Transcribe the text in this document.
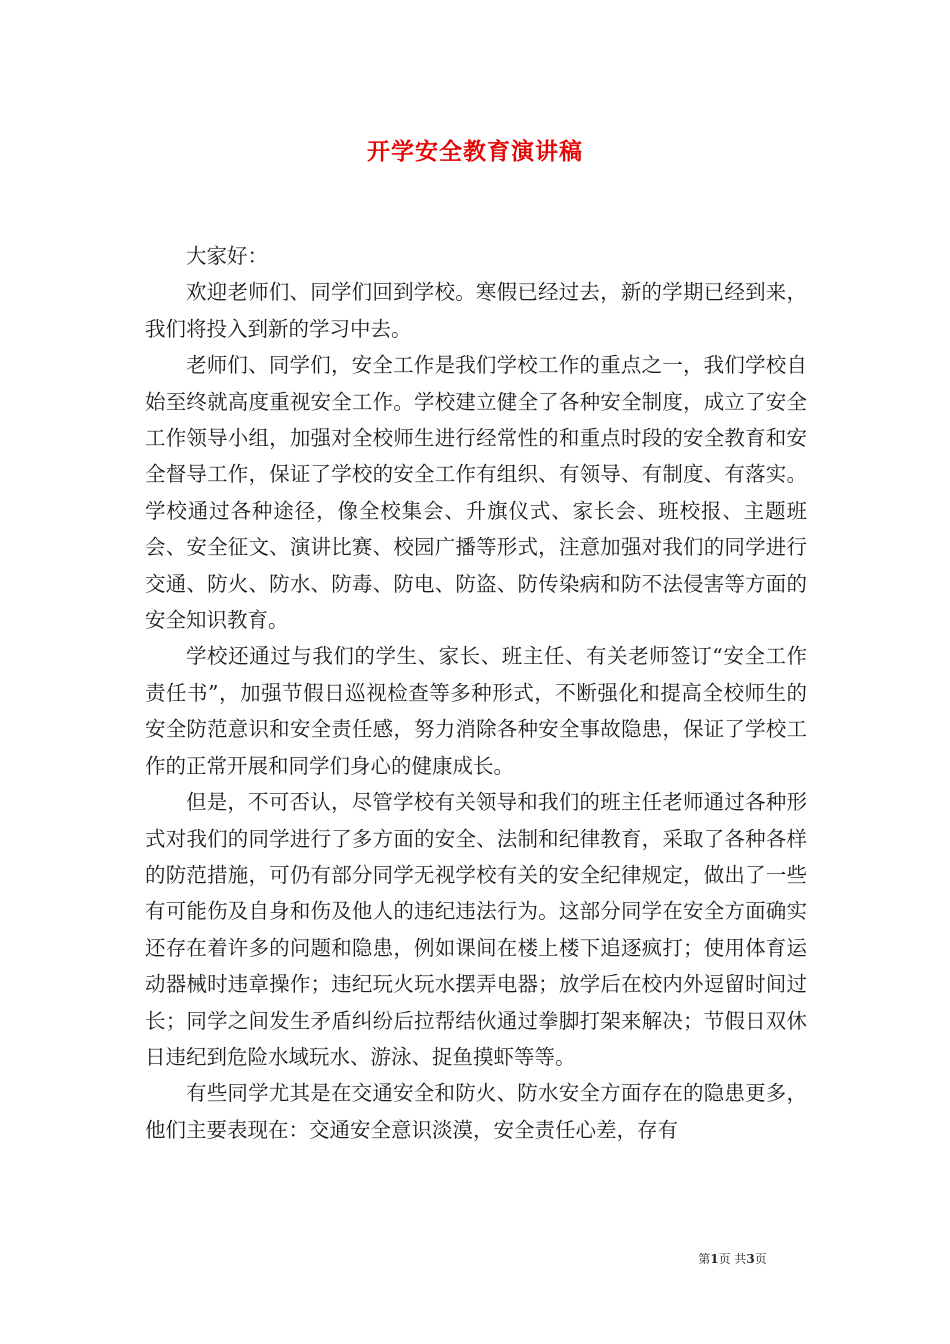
开学安全教育演讲稿

大家好：

欢迎老师们、同学们回到学校。寒假已经过去，新的学期已经到来，我们将投入到新的学习中去。

老师们、同学们，安全工作是我们学校工作的重点之一，我们学校自始至终就高度重视安全工作。学校建立健全了各种安全制度，成立了安全工作领导小组，加强对全校师生进行经常性的和重点时段的安全教育和安全督导工作，保证了学校的安全工作有组织、有领导、有制度、有落实。学校通过各种途径，像全校集会、升旗仪式、家长会、班校报、主题班会、安全征文、演讲比赛、校园广播等形式，注意加强对我们的同学进行交通、防火、防水、防毒、防电、防盗、防传染病和防不法侵害等方面的安全知识教育。

学校还通过与我们的学生、家长、班主任、有关老师签订“安全工作责任书”，加强节假日巡视检查等多种形式，不断强化和提高全校师生的安全防范意识和安全责任感，努力消除各种安全事故隐患，保证了学校工作的正常开展和同学们身心的健康成长。

但是，不可否认，尽管学校有关领导和我们的班主任老师通过各种形式对我们的同学进行了多方面的安全、法制和纪律教育，采取了各种各样的防范措施，可仍有部分同学无视学校有关的安全纪律规定，做出了一些有可能伤及自身和伤及他人的违纪违法行为。这部分同学在安全方面确实还存在着许多的问题和隐患，例如课间在楼上楼下追逐疯打；使用体育运动器械时违章操作；违纪玩火玩水摆弄电器；放学后在校内外逗留时间过长；同学之间发生矛盾纠纷后拉帮结伙通过拳脚打架来解决；节假日双休日违纪到危险水域玩水、游泳、捉鱼摸虾等等。

有些同学尤其是在交通安全和防火、防水安全方面存在的隐患更多，他们主要表现在：交通安全意识淡漠，安全责任心差，存有

第1页 共3页
